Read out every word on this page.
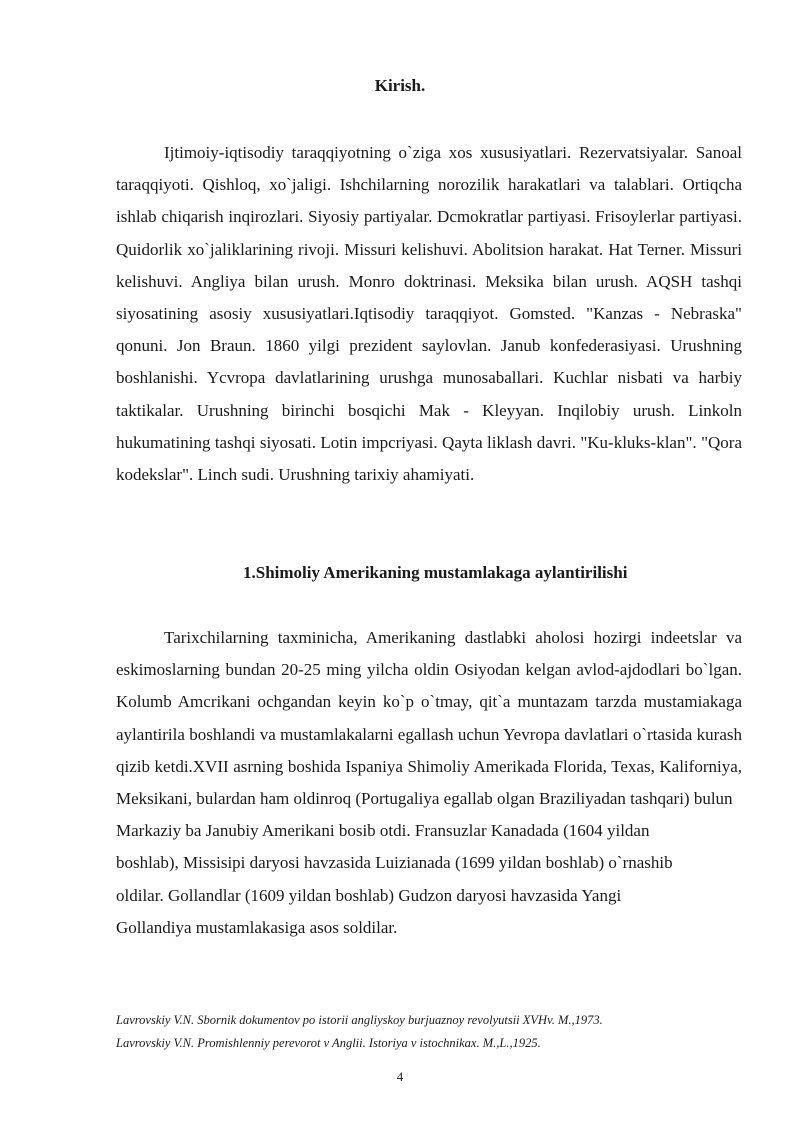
Kirish.

Ijtimoiy-iqtisodiy taraqqiyotning o`ziga xos xususiyatlari. Rezervatsiyalar. Sanoal taraqqiyoti. Qishloq, xo`jaligi. Ishchilarning norozilik harakatlari va talablari. Ortiqcha ishlab chiqarish inqirozlari. Siyosiy partiyalar. Dcmokratlar partiyasi. Frisoylerlar partiyasi. Quidorlik xo`jaliklarining rivoji. Missuri kelishuvi. Abolitsion harakat. Hat Terner. Missuri kelishuvi. Angliya bilan urush. Monro doktrinasi. Meksika bilan urush. AQSH tashqi siyosatining asosiy xususiyatlari.Iqtisodiy taraqqiyot. Gomsted. "Kanzas - Nebraska" qonuni. Jon Braun. 1860 yilgi prezident saylovlan. Janub konfederasiyasi. Urushning boshlanishi. Ycvropa davlatlarining urushga munosaballari. Kuchlar nisbati va harbiy taktikalar. Urushning birinchi bosqichi Mak - Kleyyan. Inqilobiy urush. Linkoln hukumatining tashqi siyosati. Lotin impcriyasi. Qayta liklash davri. "Ku-kluks-klan". "Qora kodekslar". Linch sudi. Urushning tarixiy ahamiyati.

1.Shimoliy Amerikaning mustamlakaga aylantirilishi
Tarixchilarning taxminicha, Amerikaning dastlabki aholosi hozirgi indeetslar va eskimoslarning bundan 20-25 ming yilcha oldin Osiyodan kelgan avlod-ajdodlari bo`lgan. Kolumb Amcrikani ochgandan keyin ko`p o`tmay, qit`a muntazam tarzda mustamiakaga aylantirila boshlandi va mustamlakalarni egallash uchun Yevropa davlatlari o`rtasida kurash qizib ketdi.XVII asrning boshida Ispaniya Shimoliy Amerikada Florida, Texas, Kaliforniya, Meksikani, bulardan ham oldinroq (Portugaliya egallab olgan Braziliyadan tashqari) bulun
Markaziy ba Janubiy Amerikani bosib otdi. Fransuzlar Kanadada (1604 yildan
boshlab), Missisipi daryosi havzasida Luizianada (1699 yildan boshlab) o`rnashib
oldilar. Gollandlar (1609 yildan boshlab) Gudzon daryosi havzasida Yangi
Gollandiya mustamlakasiga asos soldilar.
Lavrovskiy V.N. Sbornik dokumentov po istorii angliyskoy burjuaznoy revolyutsii XVHv. M.,1973.
Lavrovskiy V.N. Promishlenniy perevorot v Anglii. Istoriya v istochnikax. M.,L.,1925.
4
